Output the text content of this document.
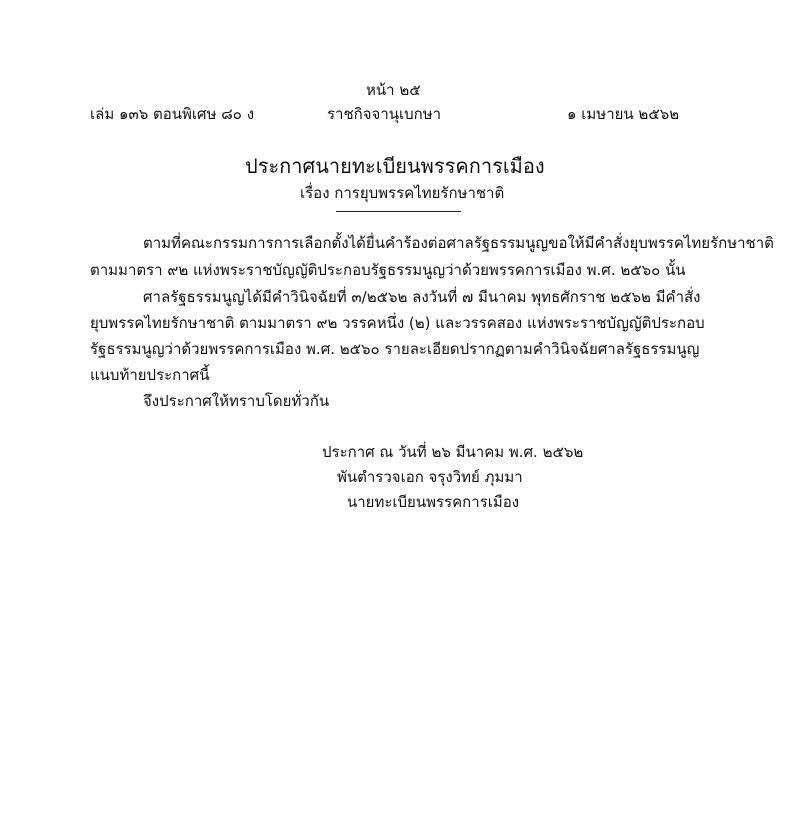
หน้า ๒๕
เล่ม ๑๓๖ ตอนพิเศษ ๘๐ ง	ราชกิจจานุเบกษา	๑ เมษายน ๒๕๖๒
ประกาศนายทะเบียนพรรคการเมือง
เรื่อง การยุบพรรคไทยรักษาชาติ
ตามที่คณะกรรมการการเลือกตั้งได้ยื่นคำร้องต่อศาลรัฐธรรมนูญขอให้มีคำสั่งยุบพรรคไทยรักษาชาติ
ตามมาตรา ๙๒ แห่งพระราชบัญญัติประกอบรัฐธรรมนูญว่าด้วยพรรคการเมือง พ.ศ. ๒๕๖๐ นั้น
ศาลรัฐธรรมนูญได้มีคำวินิจฉัยที่ ๓/๒๕๖๒ ลงวันที่ ๗ มีนาคม พุทธศักราช ๒๕๖๒ มีคำสั่ง
ยุบพรรคไทยรักษาชาติ ตามมาตรา ๙๒ วรรคหนึ่ง (๒) และวรรคสอง แห่งพระราชบัญญัติประกอบ
รัฐธรรมนูญว่าด้วยพรรคการเมือง พ.ศ. ๒๕๖๐ รายละเอียดปรากฏตามคำวินิจฉัยศาลรัฐธรรมนูญ
แนบท้ายประกาศนี้
จึงประกาศให้ทราบโดยทั่วกัน
ประกาศ ณ วันที่ ๒๖ มีนาคม พ.ศ. ๒๕๖๒
พันตำรวจเอก จรุงวิทย์ ภุมมา
นายทะเบียนพรรคการเมือง
